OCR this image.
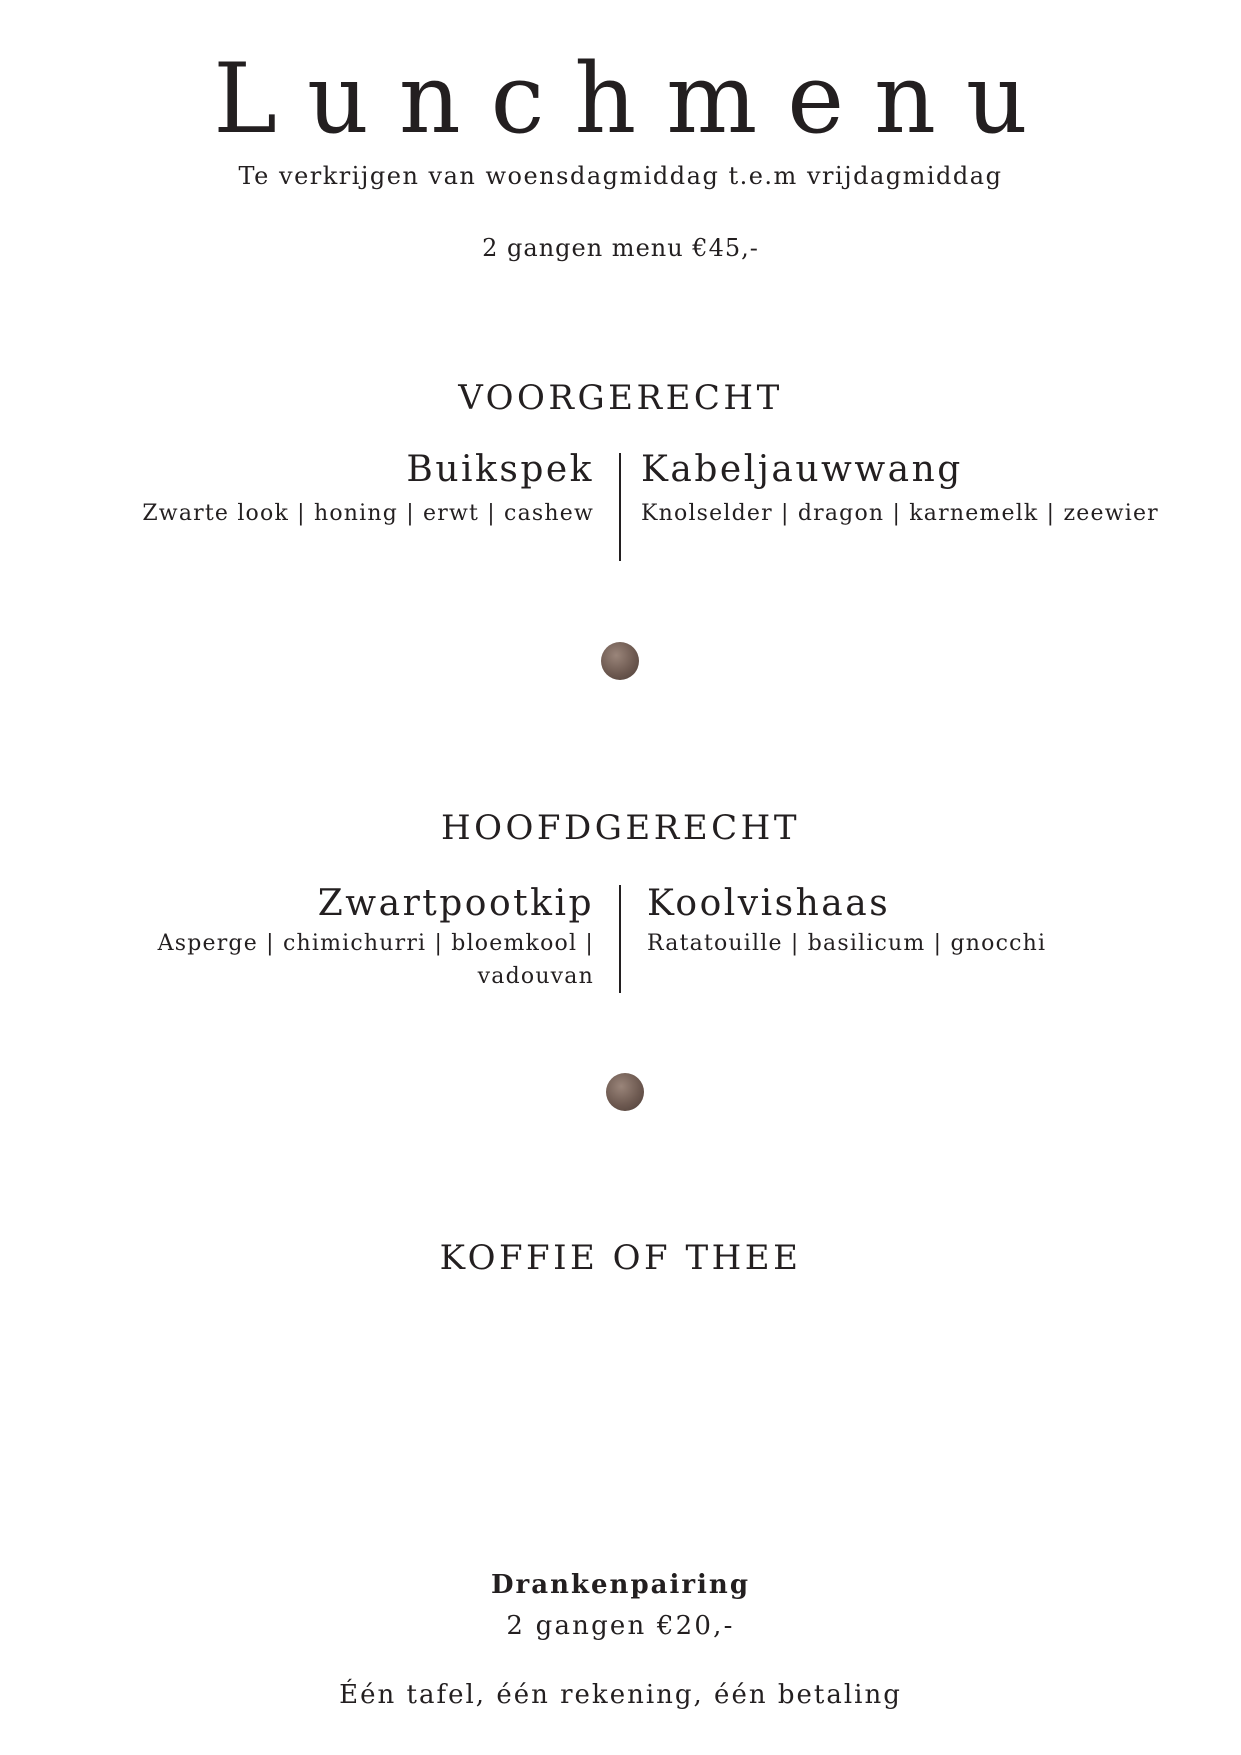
Lunchmenu
Te verkrijgen van woensdagmiddag t.e.m vrijdagmiddag
2 gangen menu €45,-
VOORGERECHT
Buikspek
Zwarte look | honing | erwt | cashew
Kabeljauwwang
Knolselder | dragon | karnemelk | zeewier
HOOFDGERECHT
Zwartpootkip
Asperge | chimichurri | bloemkool |
vadouvan
Koolvishaas
Ratatouille | basilicum | gnocchi
KOFFIE OF THEE
Drankenpairing
2 gangen €20,-
Één tafel, één rekening, één betaling
